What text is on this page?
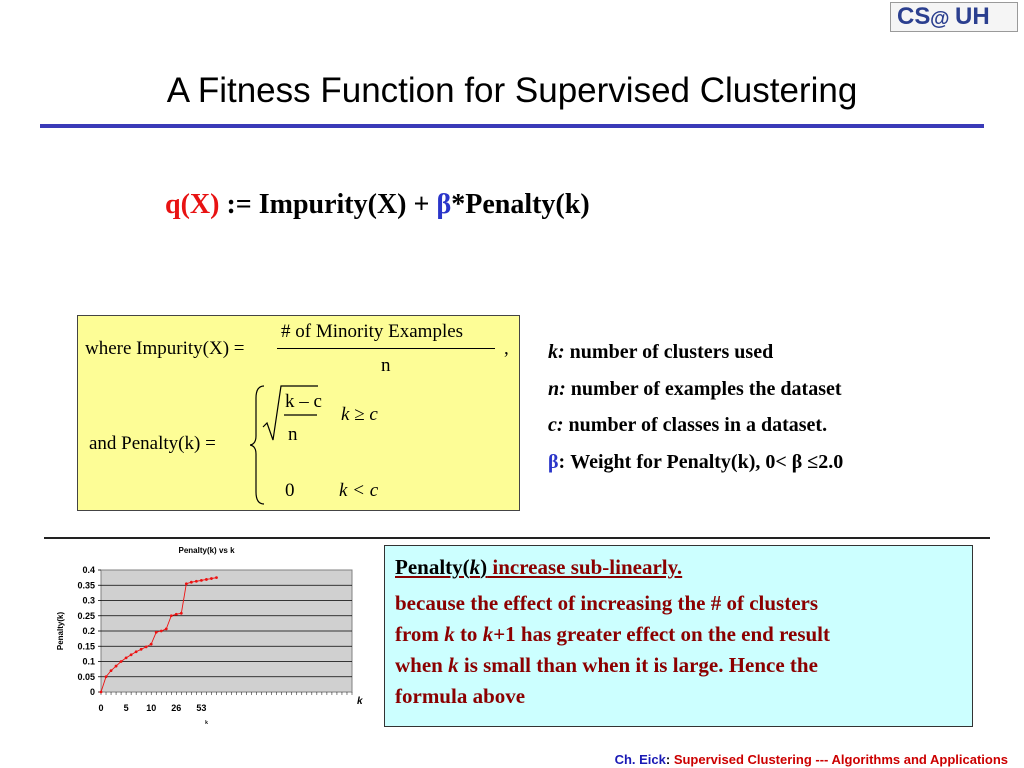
CS @ UH
A Fitness Function for Supervised Clustering
q(X) := Impurity(X) + β*Penalty(k)
where Impurity(X) =
# of Minority Examples
n
,
and Penalty(k) =
k – c
n
k ≥ c
0 k < c
k: number of clusters used
n: number of examples the dataset
c: number of classes in a dataset.
β: Weight for Penalty(k), 0< β ≤2.0
0.4
0.35
0.3
0.25
0.2
0.15
0.1
0.05
0
0 5 10 26 53
Penalty(k) vs k
Penalty(k)
k
k
Penalty(k) increase sub-linearly.
because the effect of increasing the # of clusters
from k to k+1 has greater effect on the end result
when k is small than when it is large. Hence the
formula above
Ch. Eick: Supervised Clustering --- Algorithms and Applications
